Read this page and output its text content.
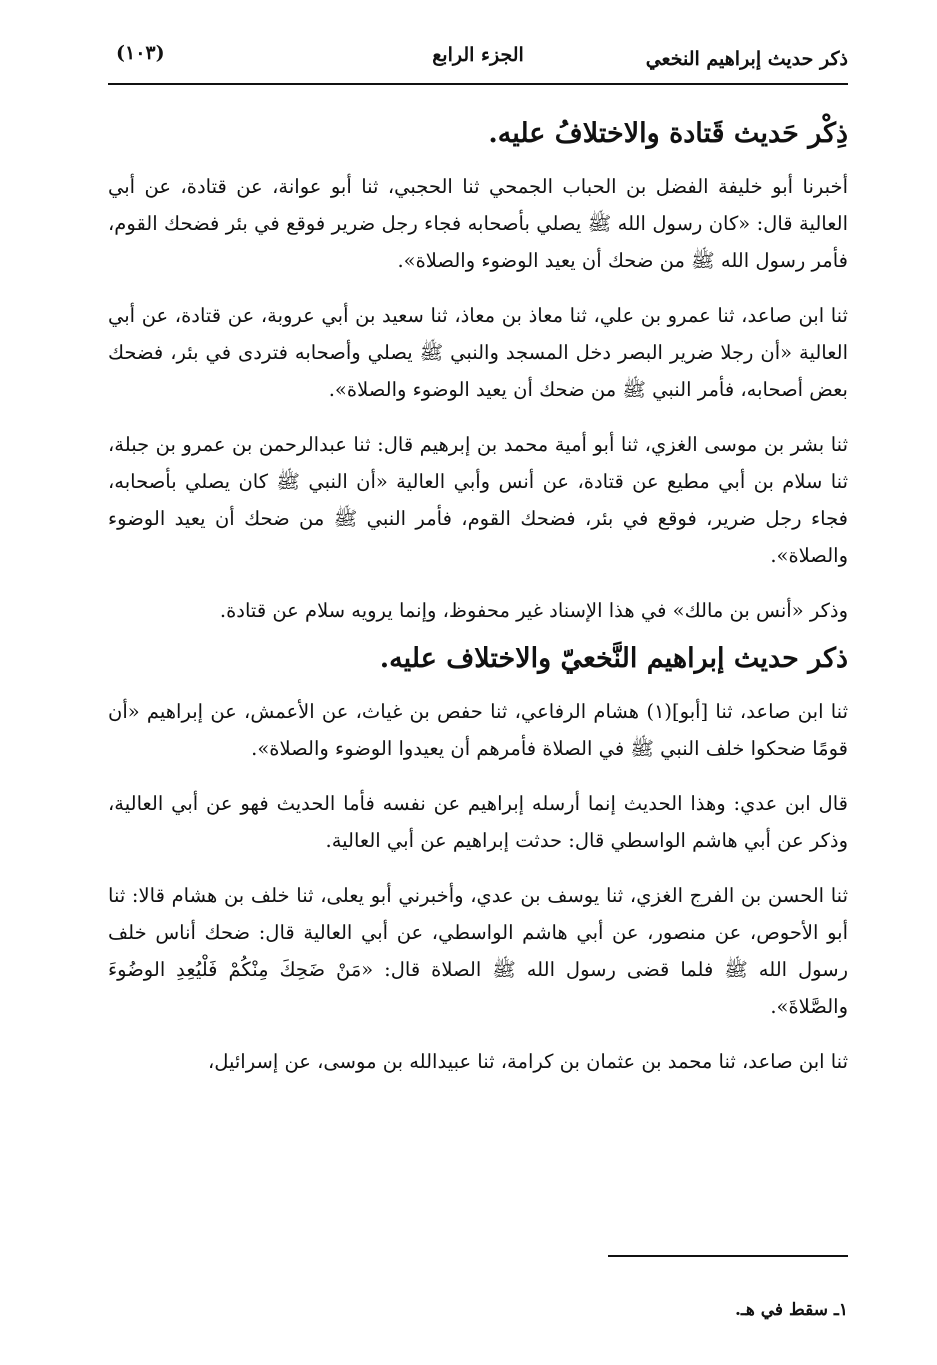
ذكر حديث إبراهيم النخعي
الجزء الرابع
(١٠٣)
ذِكْر حَديث قَتادة والاختلافُ عليه.

أخبرنا أبو خليفة الفضل بن الحباب الجمحي ثنا الحجبي، ثنا أبو عوانة، عن قتادة، عن أبي العالية قال: «كان رسول الله ﷺ يصلي بأصحابه فجاء رجل ضرير فوقع في بئر فضحك القوم، فأمر رسول الله ﷺ من ضحك أن يعيد الوضوء والصلاة».

ثنا ابن صاعد، ثنا عمرو بن علي، ثنا معاذ بن معاذ، ثنا سعيد بن أبي عروبة، عن قتادة، عن أبي العالية «أن رجلا ضرير البصر دخل المسجد والنبي ﷺ يصلي وأصحابه فتردى في بئر، فضحك بعض أصحابه، فأمر النبي ﷺ من ضحك أن يعيد الوضوء والصلاة».

ثنا بشر بن موسى الغزي، ثنا أبو أمية محمد بن إبرهيم قال: ثنا عبدالرحمن بن عمرو بن جبلة، ثنا سلام بن أبي مطيع عن قتادة، عن أنس وأبي العالية «أن النبي ﷺ كان يصلي بأصحابه، فجاء رجل ضرير، فوقع في بئر، فضحك القوم، فأمر النبي ﷺ من ضحك أن يعيد الوضوء والصلاة».

وذكر «أنس بن مالك» في هذا الإسناد غير محفوظ، وإنما يرويه سلام عن قتادة.

ذكر حديث إبراهيم النَّخعيّ والاختلاف عليه.

ثنا ابن صاعد، ثنا [أبو](١) هشام الرفاعي، ثنا حفص بن غياث، عن الأعمش، عن إبراهيم «أن قومًا ضحكوا خلف النبي ﷺ في الصلاة فأمرهم أن يعيدوا الوضوء والصلاة».

قال ابن عدي: وهذا الحديث إنما أرسله إبراهيم عن نفسه فأما الحديث فهو عن أبي العالية، وذكر عن أبي هاشم الواسطي قال: حدثت إبراهيم عن أبي العالية.

ثنا الحسن بن الفرج الغزي، ثنا يوسف بن عدي، وأخبرني أبو يعلى، ثنا خلف بن هشام قالا: ثنا أبو الأحوص، عن منصور، عن أبي هاشم الواسطي، عن أبي العالية قال: ضحك أناس خلف رسول الله ﷺ فلما قضى رسول الله ﷺ الصلاة قال: «مَنْ ضَحِكَ مِنْكُمْ فَلْيُعِدِ الوضُوءَ والصَّلاةَ».

ثنا ابن صاعد، ثنا محمد بن عثمان بن كرامة، ثنا عبيدالله بن موسى، عن إسرائيل،

١ـ سقط في هـ.
